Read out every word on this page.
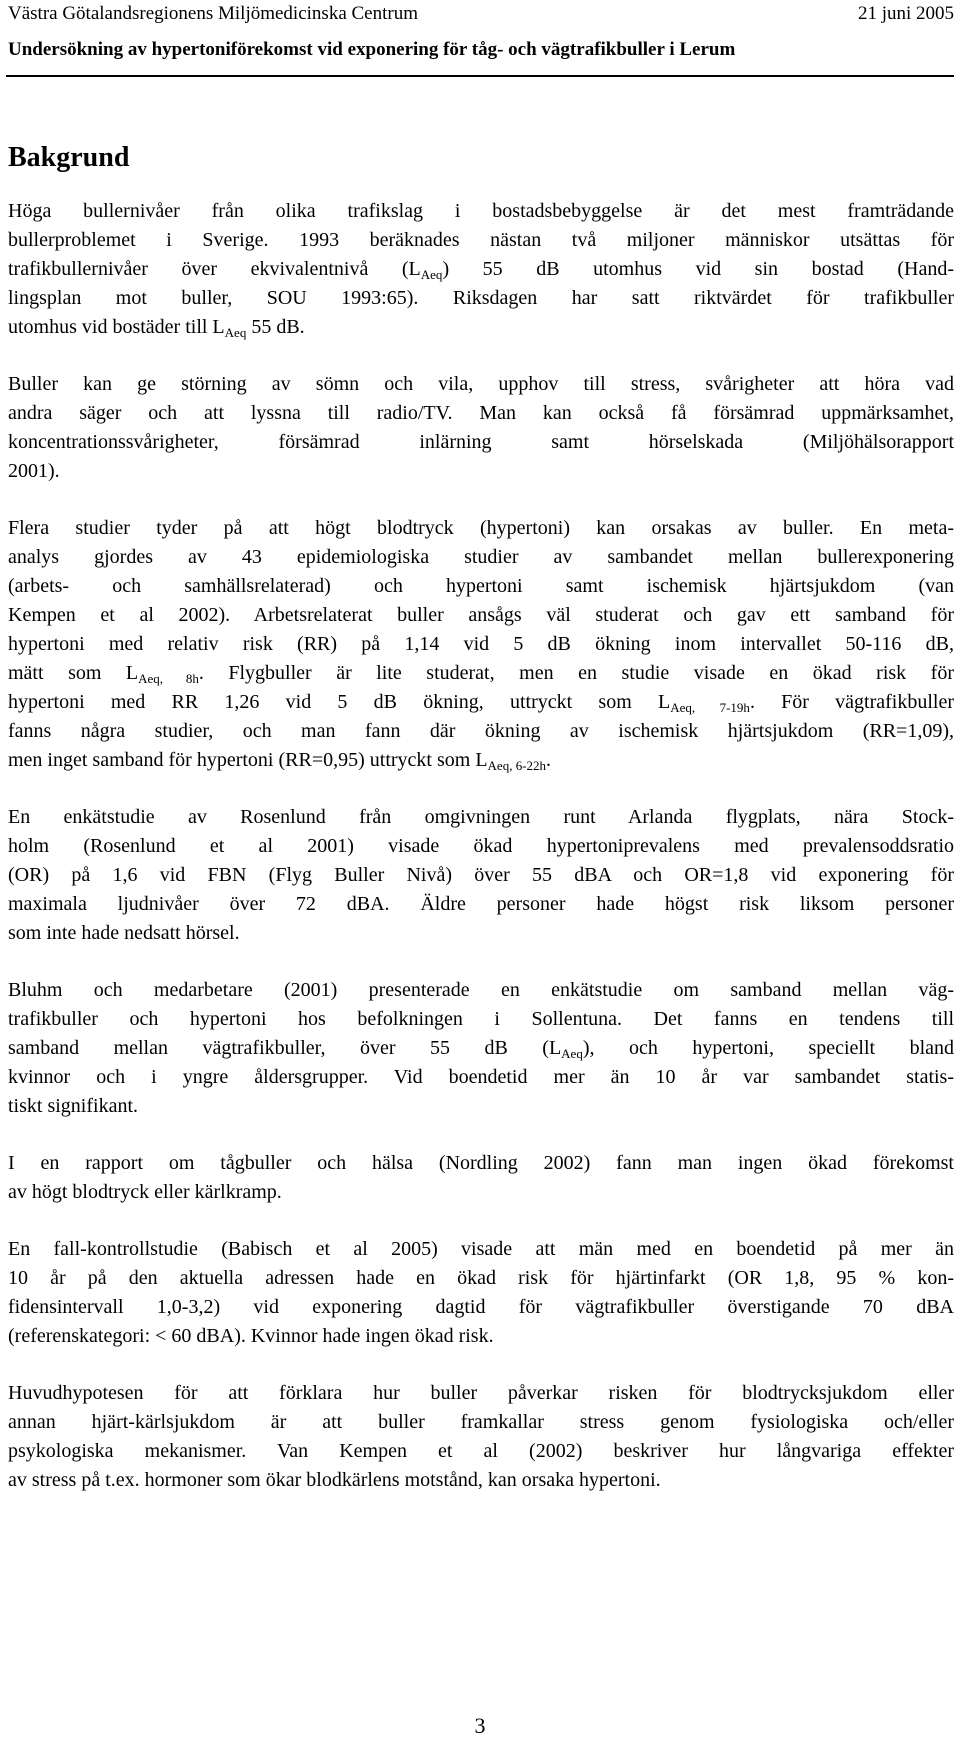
Västra Götalandsregionens Miljömedicinska Centrum	21 juni 2005
Undersökning av hypertoniförekomst vid exponering för tåg- och vägtrafikbuller i Lerum
Bakgrund

Höga bullernivåer från olika trafikslag i bostadsbebyggelse är det mest framträdande
bullerproblemet i Sverige. 1993 beräknades nästan två miljoner människor utsättas för
trafikbullernivåer över ekvivalentnivå $(L_{Aeq})$ 55 dB utomhus vid sin bostad (Hand-
lingsplan mot buller, SOU 1993:65). Riksdagen har satt riktvärdet för trafikbuller
utomhus vid bostäder till $L_{Aeq}$ 55 dB.

Buller kan ge störning av sömn och vila, upphov till stress, svårigheter att höra vad
andra säger och att lyssna till radio/TV. Man kan också få försämrad uppmärksamhet,
koncentrationssvårigheter, försämrad inlärning samt hörselskada (Miljöhälsorapport
2001).

Flera studier tyder på att högt blodtryck (hypertoni) kan orsakas av buller. En meta-
analys gjordes av 43 epidemiologiska studier av sambandet mellan bullerexponering
(arbets- och samhällsrelaterad) och hypertoni samt ischemisk hjärtsjukdom (van
Kempen et al 2002). Arbetsrelaterat buller ansågs väl studerat och gav ett samband för
hypertoni med relativ risk (RR) på 1,14 vid 5 dB ökning inom intervallet 50-116 dB,
mätt som $L_{Aeq, 8h}$. Flygbuller är lite studerat, men en studie visade en ökad risk för
hypertoni med RR 1,26 vid 5 dB ökning, uttryckt som $L_{Aeq, 7-19h}$. För vägtrafikbuller
fanns några studier, och man fann där ökning av ischemisk hjärtsjukdom (RR=1,09),
men inget samband för hypertoni (RR=0,95) uttryckt som $L_{Aeq, 6-22h}$.

En enkätstudie av Rosenlund från omgivningen runt Arlanda flygplats, nära Stock-
holm (Rosenlund et al 2001) visade ökad hypertoniprevalens med prevalensoddsratio
(OR) på 1,6 vid FBN (Flyg Buller Nivå) över 55 dBA och OR=1,8 vid exponering för
maximala ljudnivåer över 72 dBA. Äldre personer hade högst risk liksom personer
som inte hade nedsatt hörsel.

Bluhm och medarbetare (2001) presenterade en enkätstudie om samband mellan väg-
trafikbuller och hypertoni hos befolkningen i Sollentuna. Det fanns en tendens till
samband mellan vägtrafikbuller, över 55 dB $(L_{Aeq})$, och hypertoni, speciellt bland
kvinnor och i yngre åldersgrupper. Vid boendetid mer än 10 år var sambandet statis-
tiskt signifikant.

I en rapport om tågbuller och hälsa (Nordling 2002) fann man ingen ökad förekomst
av högt blodtryck eller kärlkramp.

En fall-kontrollstudie (Babisch et al 2005) visade att män med en boendetid på mer än
10 år på den aktuella adressen hade en ökad risk för hjärtinfarkt (OR 1,8, 95 % kon-
fidensintervall 1,0-3,2) vid exponering dagtid för vägtrafikbuller överstigande 70 dBA
(referenskategori: < 60 dBA). Kvinnor hade ingen ökad risk.

Huvudhypotesen för att förklara hur buller påverkar risken för blodtrycksjukdom eller
annan hjärt-kärlsjukdom är att buller framkallar stress genom fysiologiska och/eller
psykologiska mekanismer. Van Kempen et al (2002) beskriver hur långvariga effekter
av stress på t.ex. hormoner som ökar blodkärlens motstånd, kan orsaka hypertoni.

3
